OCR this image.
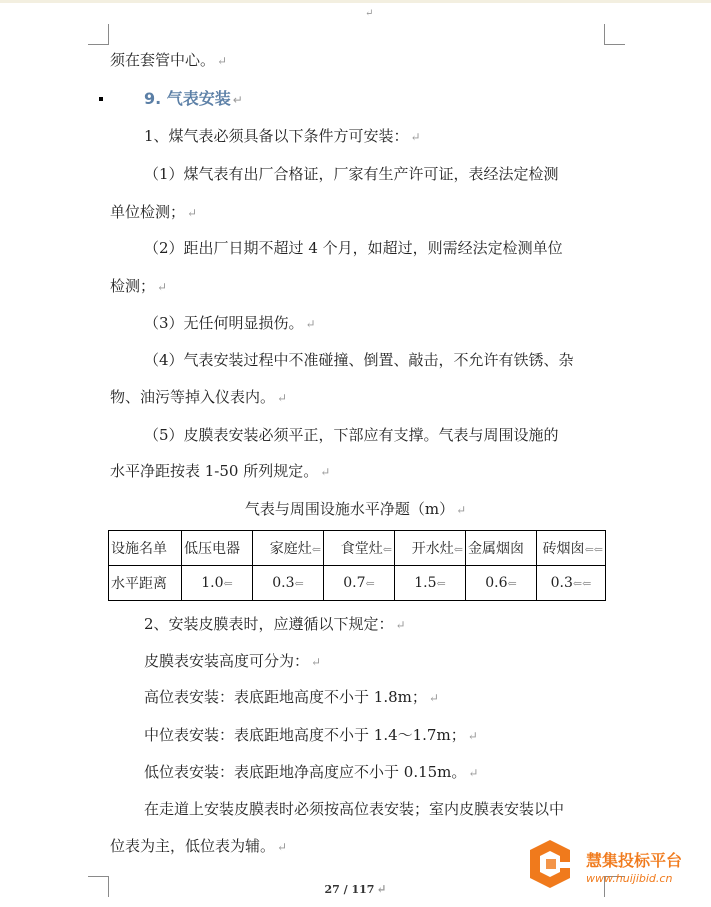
↵
须在套管中心。 ↵
9. 气表安装 ↵
1、煤气表必须具备以下条件方可安装： ↵
（1）煤气表有出厂合格证，厂家有生产许可证，表经法定检测
单位检测； ↵
（2）距出厂日期不超过 4 个月，如超过，则需经法定检测单位
检测； ↵
（3）无任何明显损伤。 ↵
（4）气表安装过程中不准碰撞、倒置、敲击，不允许有铁锈、杂
物、油污等掉入仪表内。 ↵
（5）皮膜表安装必须平正，下部应有支撑。气表与周围设施的
水平净距按表 1-50 所列规定。 ↵
气表与周围设施水平净题（m） ↵
设施名单	低压电器	家庭灶⇐	食堂灶⇐	开水灶⇐	金属烟囱	砖烟囱⇐⇐
水平距离	1.0⇐	0.3⇐	0.7⇐	1.5⇐	0.6⇐	0.3⇐⇐
2、安装皮膜表时，应遵循以下规定： ↵
皮膜表安装高度可分为： ↵
高位表安装：表底距地高度不小于 1.8m； ↵
中位表安装：表底距地高度不小于 1.4～1.7m； ↵
低位表安装：表底距地净高度应不小于 0.15m。 ↵
在走道上安装皮膜表时必须按高位表安装；室内皮膜表安装以中
位表为主，低位表为辅。 ↵
27 / 117 ↵
慧集投标平台
www.huijibid.cn
